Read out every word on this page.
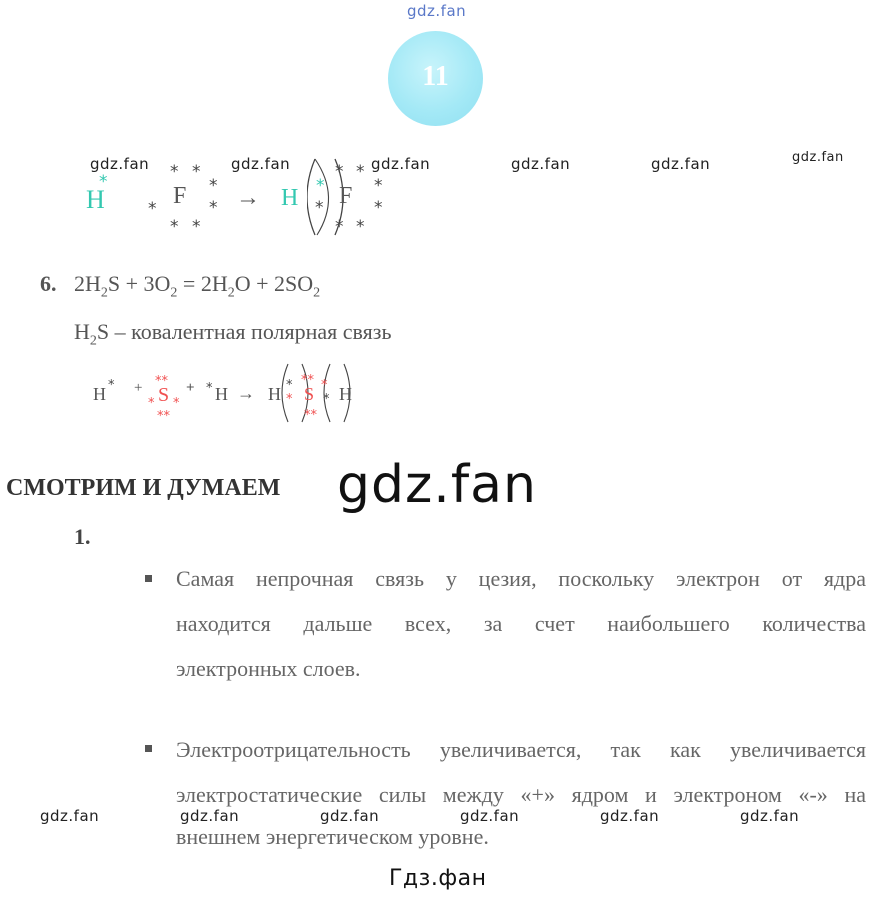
gdz.fan
11
gdz.fan	gdz.fan	gdz.fan	gdz.fan	gdz.fan	gdz.fan
H
*	* *
* F *
*
* *
→ H *
*
* *
F *
*
* *
6. $2H_2S + 3O_2 = 2H_2O + 2SO_2$
$H_2S$ – ковалентная полярная связь
H * + **
* S *
**
+ * H → H *
*
**
S
**
*
* H
СМОТРИМ И ДУМАЕМ gdz.fan
1.
Самая непрочная связь у цезия, поскольку электрон от ядра
находится дальше всех, за счет наибольшего количества
электронных слоев.
Электроотрицательность увеличивается, так как увеличивается
электростатические силы между «+» ядром и электроном «-» на
внешнем энергетическом уровне.
gdz.fan	gdz.fan	gdz.fan	gdz.fan	gdz.fan	gdz.fan
Гдз.фан
